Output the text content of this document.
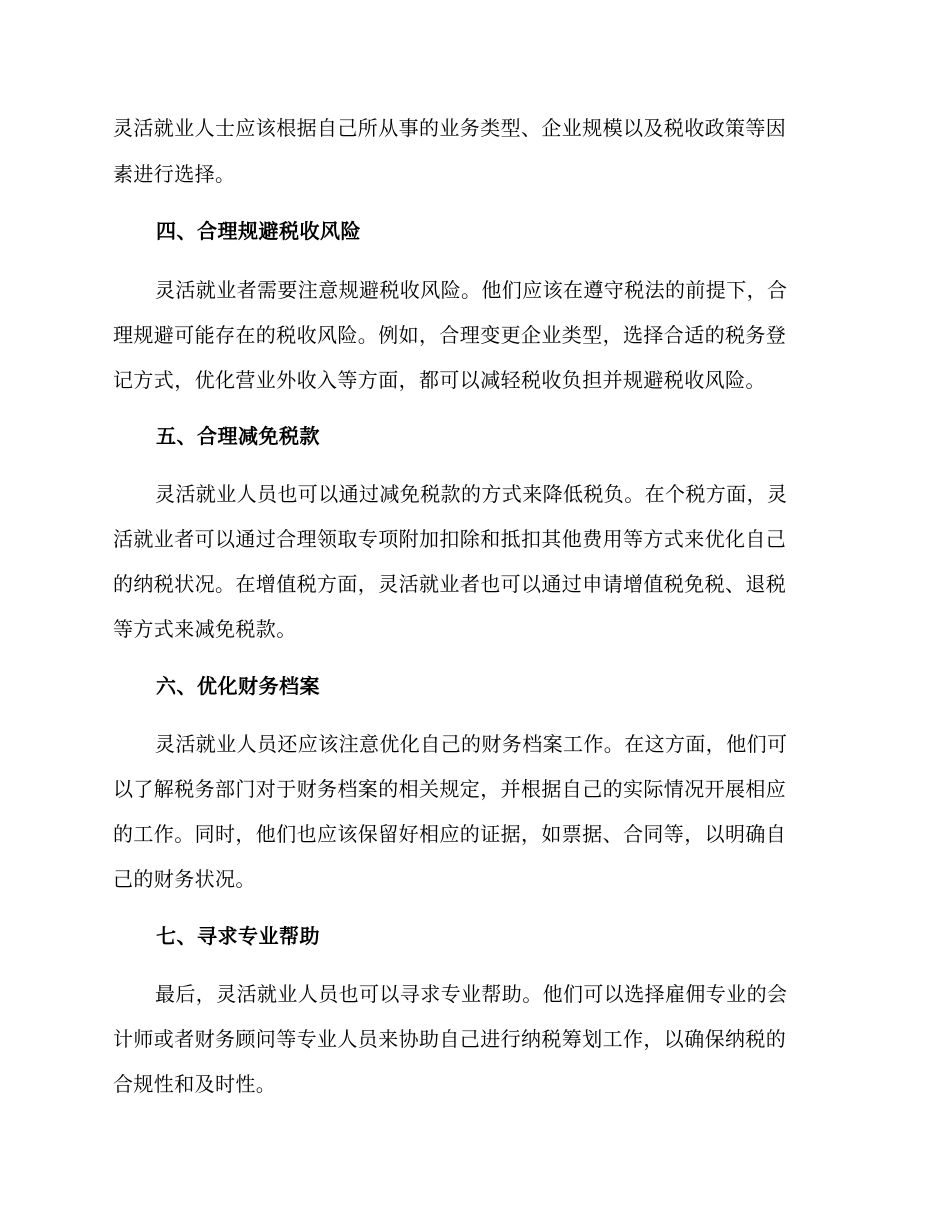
灵活就业人士应该根据自己所从事的业务类型、企业规模以及税收政策等因
素进行选择。
四、合理规避税收风险
灵活就业者需要注意规避税收风险。他们应该在遵守税法的前提下，合
理规避可能存在的税收风险。例如，合理变更企业类型，选择合适的税务登
记方式，优化营业外收入等方面，都可以减轻税收负担并规避税收风险。
五、合理减免税款
灵活就业人员也可以通过减免税款的方式来降低税负。在个税方面，灵
活就业者可以通过合理领取专项附加扣除和抵扣其他费用等方式来优化自己
的纳税状况。在增值税方面，灵活就业者也可以通过申请增值税免税、退税
等方式来减免税款。
六、优化财务档案
灵活就业人员还应该注意优化自己的财务档案工作。在这方面，他们可
以了解税务部门对于财务档案的相关规定，并根据自己的实际情况开展相应
的工作。同时，他们也应该保留好相应的证据，如票据、合同等，以明确自
己的财务状况。
七、寻求专业帮助
最后，灵活就业人员也可以寻求专业帮助。他们可以选择雇佣专业的会
计师或者财务顾问等专业人员来协助自己进行纳税筹划工作，以确保纳税的
合规性和及时性。
